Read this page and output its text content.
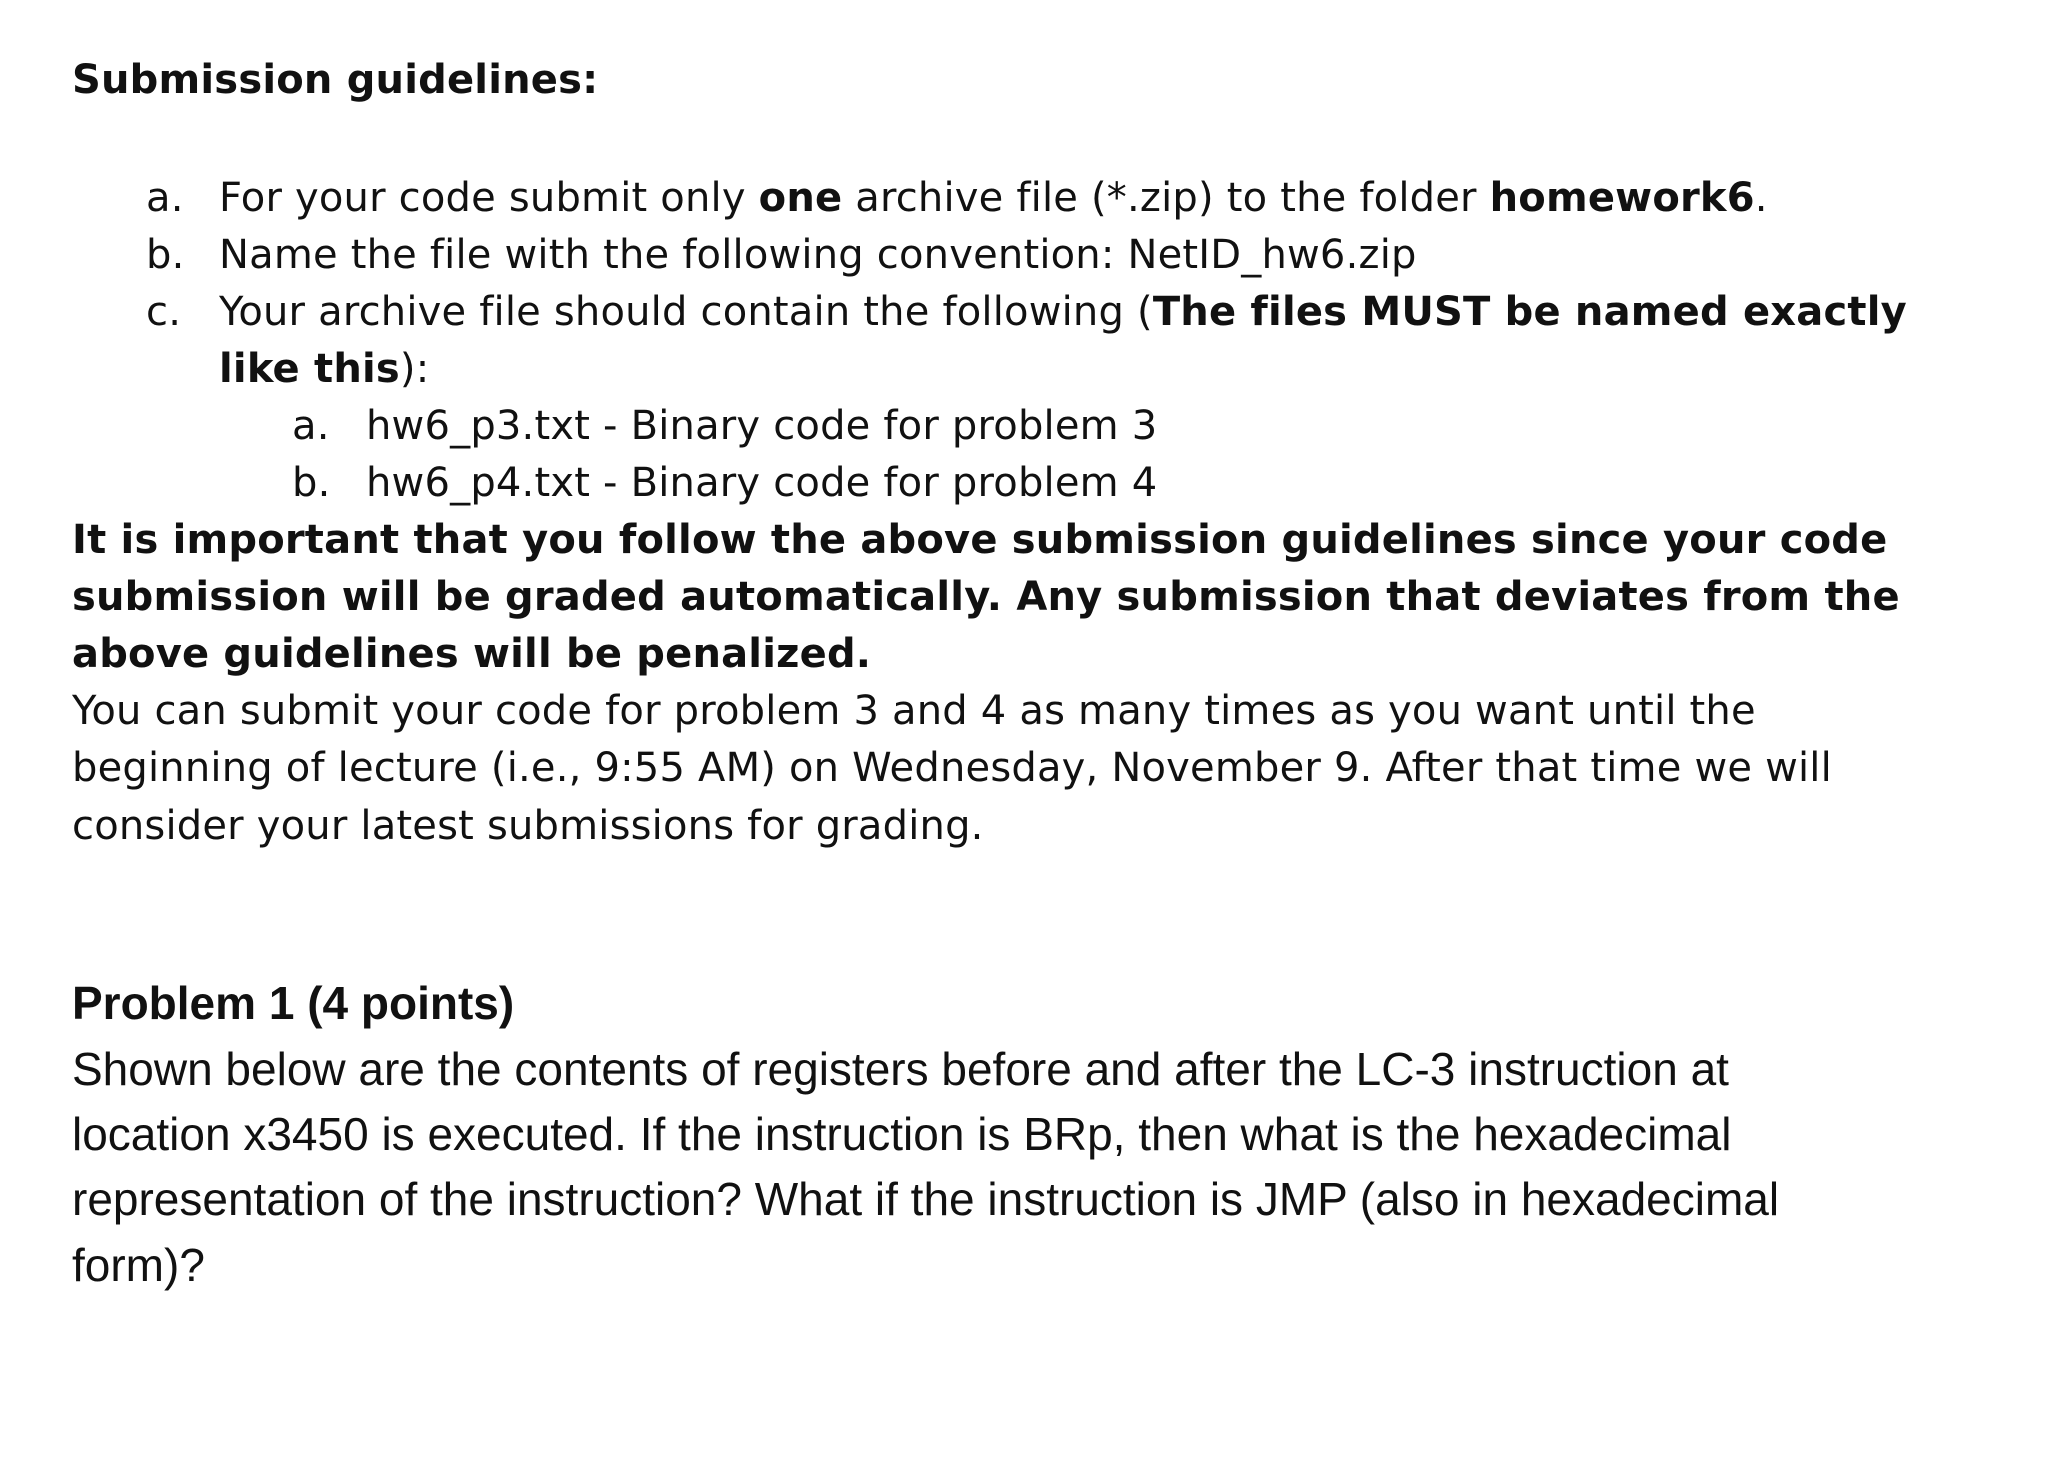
Submission guidelines:
a. For your code submit only one archive file (*.zip) to the folder homework6.
b. Name the file with the following convention: NetID_hw6.zip
c. Your archive file should contain the following (The files MUST be named exactly
like this):
a. hw6_p3.txt - Binary code for problem 3
b. hw6_p4.txt - Binary code for problem 4
It is important that you follow the above submission guidelines since your code
submission will be graded automatically. Any submission that deviates from the
above guidelines will be penalized.
You can submit your code for problem 3 and 4 as many times as you want until the
beginning of lecture (i.e., 9:55 AM) on Wednesday, November 9. After that time we will
consider your latest submissions for grading.
Problem 1 (4 points)
Shown below are the contents of registers before and after the LC-3 instruction at
location x3450 is executed. If the instruction is BRp, then what is the hexadecimal
representation of the instruction? What if the instruction is JMP (also in hexadecimal
form)?
